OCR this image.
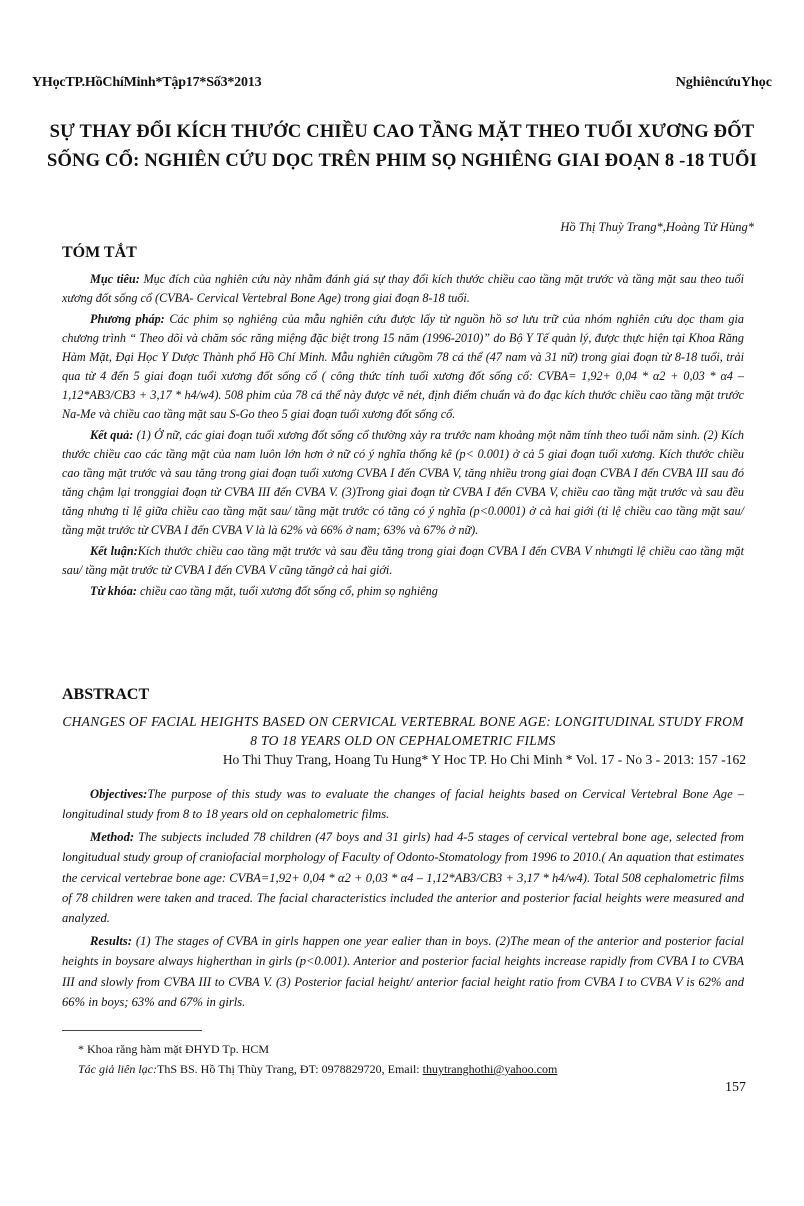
YHọcTP.HồChíMinh*Tập17*Số3*2013	NghiêncứuYhọc
SỰ THAY ĐỔI KÍCH THƯỚC CHIỀU CAO TẦNG MẶT THEO TUỔI XƯƠNG ĐỐT SỐNG CỔ: NGHIÊN CỨU DỌC TRÊN PHIM SỌ NGHIÊNG GIAI ĐOẠN 8 -18 TUỔI
Hồ Thị Thuỳ Trang*,Hoàng Tử Hùng*
TÓM TẮT

Mục tiêu: Mục đích của nghiên cứu này nhằm đánh giá sự thay đổi kích thước chiều cao tầng mặt trước và tầng mặt sau theo tuổi xương đốt sống cổ (CVBA- Cervical Vertebral Bone Age) trong giai đoạn 8-18 tuổi.

Phương pháp: Các phim sọ nghiêng của mẫu nghiên cứu được lấy từ nguồn hồ sơ lưu trữ của nhóm nghiên cứu dọc tham gia chương trình “ Theo dõi và chăm sóc răng miệng đặc biệt trong 15 năm (1996-2010)” do Bộ Y Tế quản lý, được thực hiện tại Khoa Răng Hàm Mặt, Đại Học Y Dược Thành phố Hồ Chí Minh. Mẫu nghiên cứugồm 78 cá thể (47 nam và 31 nữ) trong giai đoạn từ 8-18 tuổi, trải qua từ 4 đến 5 giai đoạn tuổi xương đốt sống cổ ( công thức tính tuổi xương đốt sống cổ: CVBA= 1,92+ 0,04 * α2 + 0,03 * α4 –1,12*AB3/CB3 + 3,17 * h4/w4). 508 phim của 78 cá thể này được vẽ nét, định điểm chuẩn và đo đạc kích thước chiều cao tầng mặt trước Na-Me và chiều cao tầng mặt sau S-Go theo 5 giai đoạn tuổi xương đốt sống cổ.

Kết quả: (1) Ở nữ, các giai đoạn tuổi xương đốt sống cổ thường xảy ra trước nam khoảng một năm tính theo tuổi năm sinh. (2) Kích thước chiều cao các tầng mặt của nam luôn lớn hơn ở nữ có ý nghĩa thống kê (p< 0.001) ở cả 5 giai đoạn tuổi xương. Kích thước chiều cao tầng mặt trước và sau tăng trong giai đoạn tuổi xương CVBA I đến CVBA V, tăng nhiều trong giai đoạn CVBA I đến CVBA III sau đó tăng chậm lại tronggiai đoạn từ CVBA III đến CVBA V. (3)Trong giai đoạn từ CVBA I đến CVBA V, chiều cao tầng mặt trước và sau đều tăng nhưng tỉ lệ giữa chiều cao tầng mặt sau/ tầng mặt trước có tăng có ý nghĩa (p<0.0001) ở cả hai giới (tỉ lệ chiều cao tầng mặt sau/ tầng mặt trước từ CVBA I đến CVBA V là là 62% và 66% ở nam; 63% và 67% ở nữ).

Kết luận:Kích thước chiều cao tầng mặt trước và sau đều tăng trong giai đoạn CVBA I đến CVBA V nhưngtỉ lệ chiều cao tầng mặt sau/ tầng mặt trước từ CVBA I đến CVBA V cũng tăngở cả hai giới.

Từ khóa: chiều cao tầng mặt, tuổi xương đốt sống cổ, phim sọ nghiêng

ABSTRACT
CHANGES OF FACIAL HEIGHTS BASED ON CERVICAL VERTEBRAL BONE AGE: LONGITUDINAL STUDY FROM 8 TO 18 YEARS OLD ON CEPHALOMETRIC FILMS
Ho Thi Thuy Trang, Hoang Tu Hung* Y Hoc TP. Ho Chi Minh * Vol. 17 - No 3 - 2013: 157 -162

Objectives:The purpose of this study was to evaluate the changes of facial heights based on Cervical Vertebral Bone Age – longitudinal study from 8 to 18 years old on cephalometric films.

Method: The subjects included 78 children (47 boys and 31 girls) had 4-5 stages of cervical vertebral bone age, selected from longitudual study group of craniofacial morphology of Faculty of Odonto-Stomatology from 1996 to 2010.( An aquation that estimates the cervical vertebrae bone age: CVBA=1,92+ 0,04 * α2 + 0,03 * α4 – 1,12*AB3/CB3 + 3,17 * h4/w4). Total 508 cephalometric films of 78 children were taken and traced. The facial characteristics included the anterior and posterior facial heights were measured and analyzed.

Results: (1) The stages of CVBA in girls happen one year ealier than in boys. (2)The mean of the anterior and posterior facial heights in boysare always higherthan in girls (p<0.001). Anterior and posterior facial heights increase rapidly from CVBA I to CVBA III and slowly from CVBA III to CVBA V. (3) Posterior facial height/ anterior facial height ratio from CVBA I to CVBA V is 62% and 66% in boys; 63% and 67% in girls.

* Khoa răng hàm mặt ĐHYD Tp. HCM
Tác giả liên lạc:ThS BS. Hồ Thị Thùy Trang, ĐT: 0978829720, Email: thuytranghothi@yahoo.com
157
